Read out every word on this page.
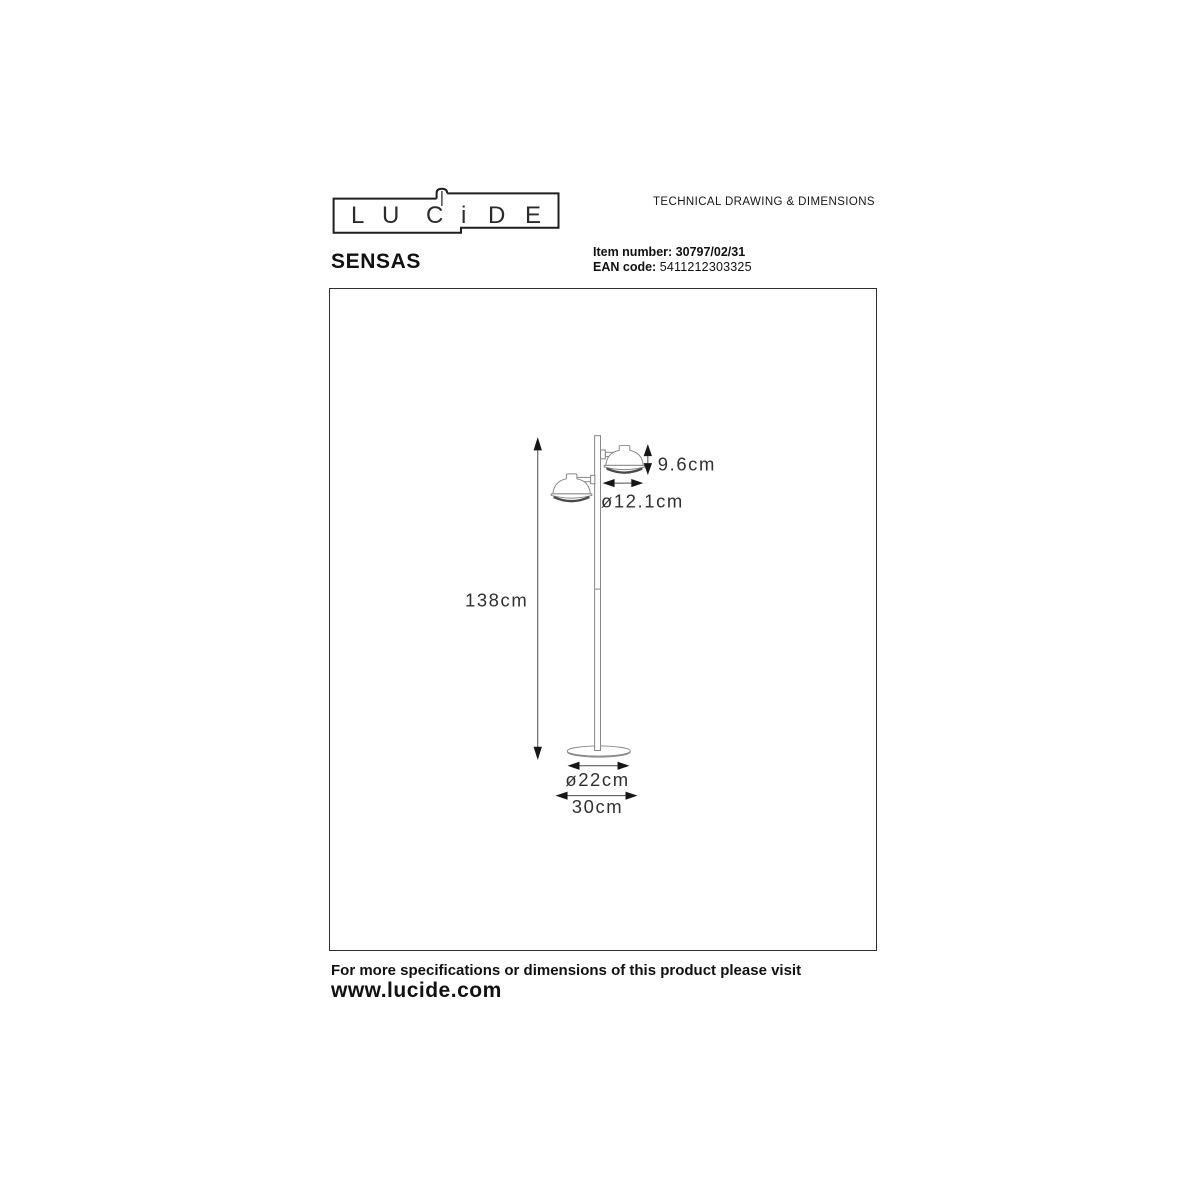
L U C i D E	TECHNICAL DRAWING & DIMENSIONS
SENSAS	Item number: 30797/02/31
EAN code: 5411212303325
138cm
9.6cm
ø12.1cm
ø22cm
30cm
For more specifications or dimensions of this product please visit
www.lucide.com
